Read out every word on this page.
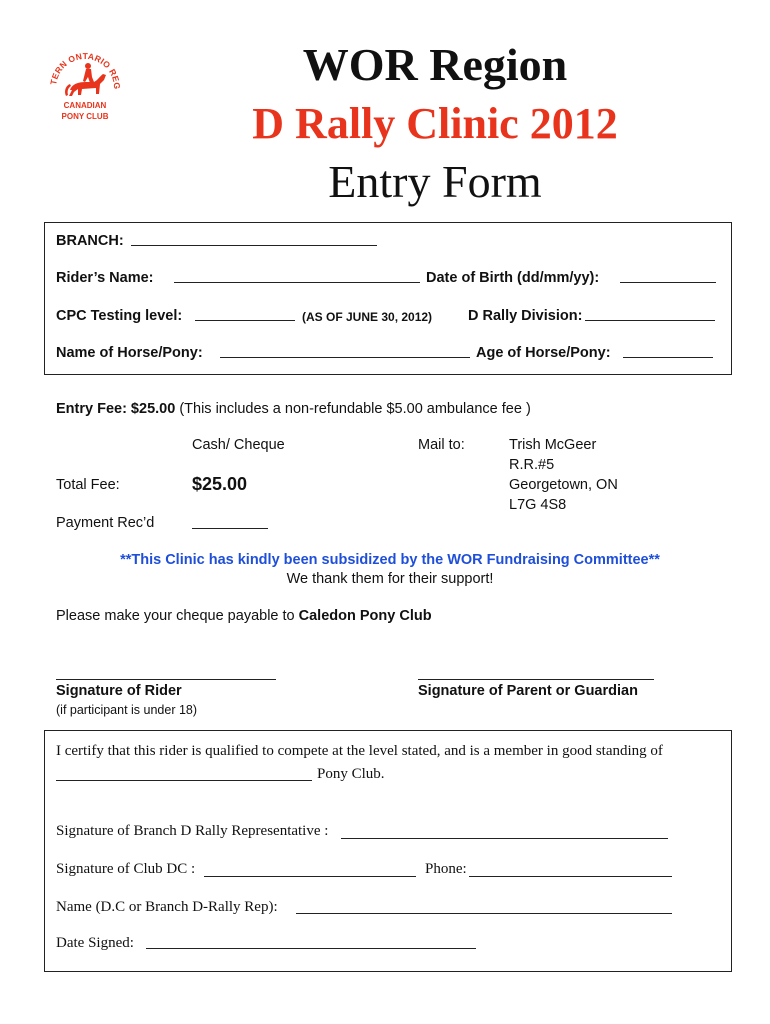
TERN ONTARIO REG
CANADIAN
PONY CLUB
WOR Region
D Rally Clinic 2012
Entry Form
BRANCH:
Rider’s Name:	Date of Birth (dd/mm/yy):
CPC Testing level:	(AS OF JUNE 30, 2012) D Rally Division:
Name of Horse/Pony:	Age of Horse/Pony:
Entry Fee: $25.00 (This includes a non-refundable $5.00 ambulance fee )
Cash/ Cheque
Total Fee:	$25.00
Payment Rec’d
Mail to:	Trish McGeer
R.R.#5
Georgetown, ON
L7G 4S8
**This Clinic has kindly been subsidized by the WOR Fundraising Committee**
We thank them for their support!
Please make your cheque payable to Caledon Pony Club
Signature of Rider
(if participant is under 18)
Signature of Parent or Guardian
I certify that this rider is qualified to compete at the level stated, and is a member in good standing of
Pony Club.
Signature of Branch D Rally Representative :
Signature of Club DC :	Phone:
Name (D.C or Branch D-Rally Rep):
Date Signed:
